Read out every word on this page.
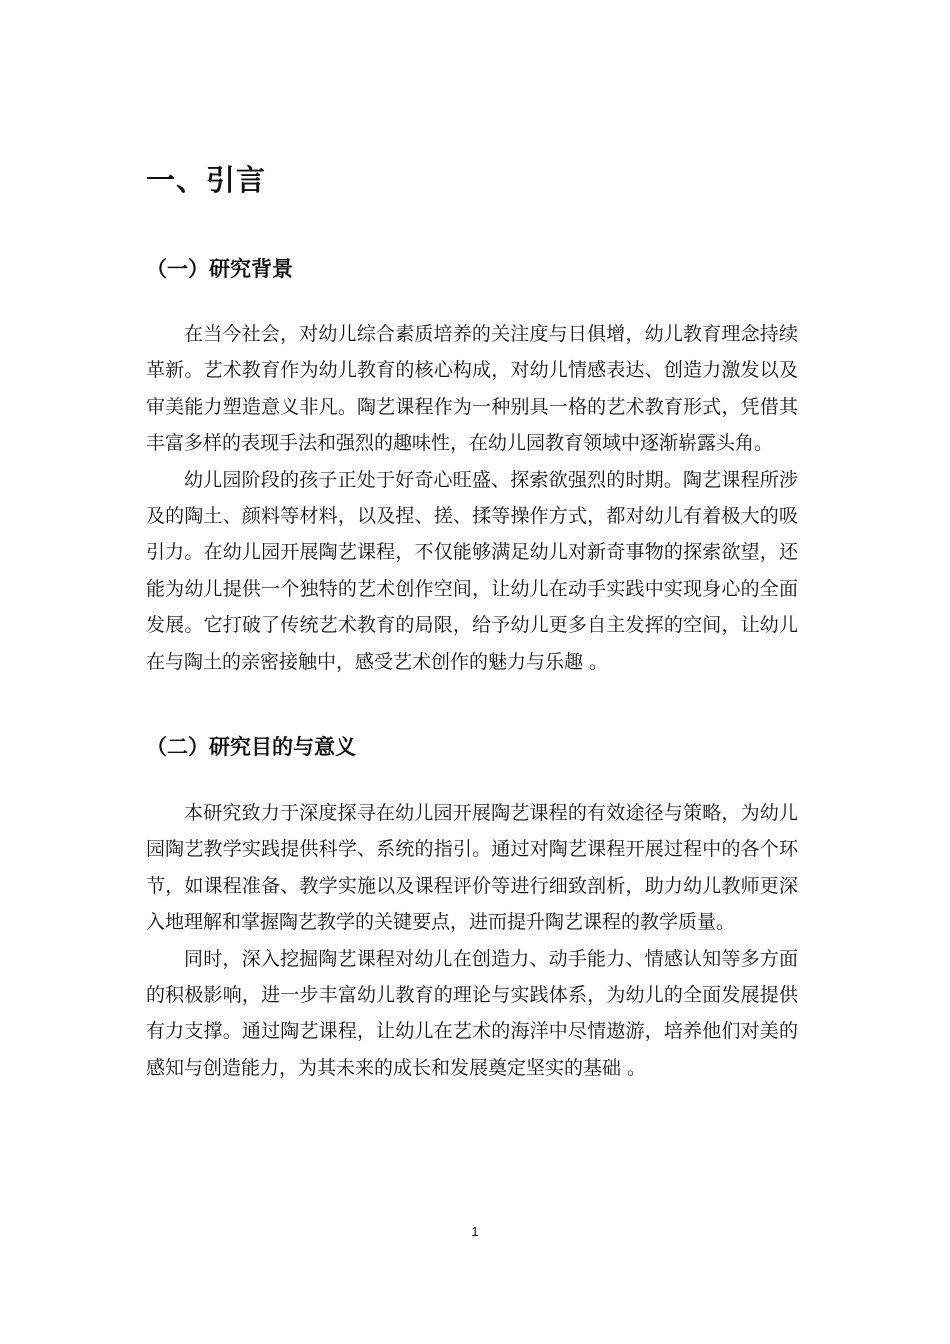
一、引言
（一）研究背景

在当今社会，对幼儿综合素质培养的关注度与日俱增，幼儿教育理念持续革新。艺术教育作为幼儿教育的核心构成，对幼儿情感表达、创造力激发以及审美能力塑造意义非凡。陶艺课程作为一种别具一格的艺术教育形式，凭借其丰富多样的表现手法和强烈的趣味性，在幼儿园教育领域中逐渐崭露头角。

幼儿园阶段的孩子正处于好奇心旺盛、探索欲强烈的时期。陶艺课程所涉及的陶土、颜料等材料，以及捏、搓、揉等操作方式，都对幼儿有着极大的吸引力。在幼儿园开展陶艺课程，不仅能够满足幼儿对新奇事物的探索欲望，还能为幼儿提供一个独特的艺术创作空间，让幼儿在动手实践中实现身心的全面发展。它打破了传统艺术教育的局限，给予幼儿更多自主发挥的空间，让幼儿在与陶土的亲密接触中，感受艺术创作的魅力与乐趣 。

（二）研究目的与意义

本研究致力于深度探寻在幼儿园开展陶艺课程的有效途径与策略，为幼儿园陶艺教学实践提供科学、系统的指引。通过对陶艺课程开展过程中的各个环节，如课程准备、教学实施以及课程评价等进行细致剖析，助力幼儿教师更深入地理解和掌握陶艺教学的关键要点，进而提升陶艺课程的教学质量。

同时，深入挖掘陶艺课程对幼儿在创造力、动手能力、情感认知等多方面的积极影响，进一步丰富幼儿教育的理论与实践体系，为幼儿的全面发展提供有力支撑。通过陶艺课程，让幼儿在艺术的海洋中尽情遨游，培养他们对美的感知与创造能力，为其未来的成长和发展奠定坚实的基础 。

1
